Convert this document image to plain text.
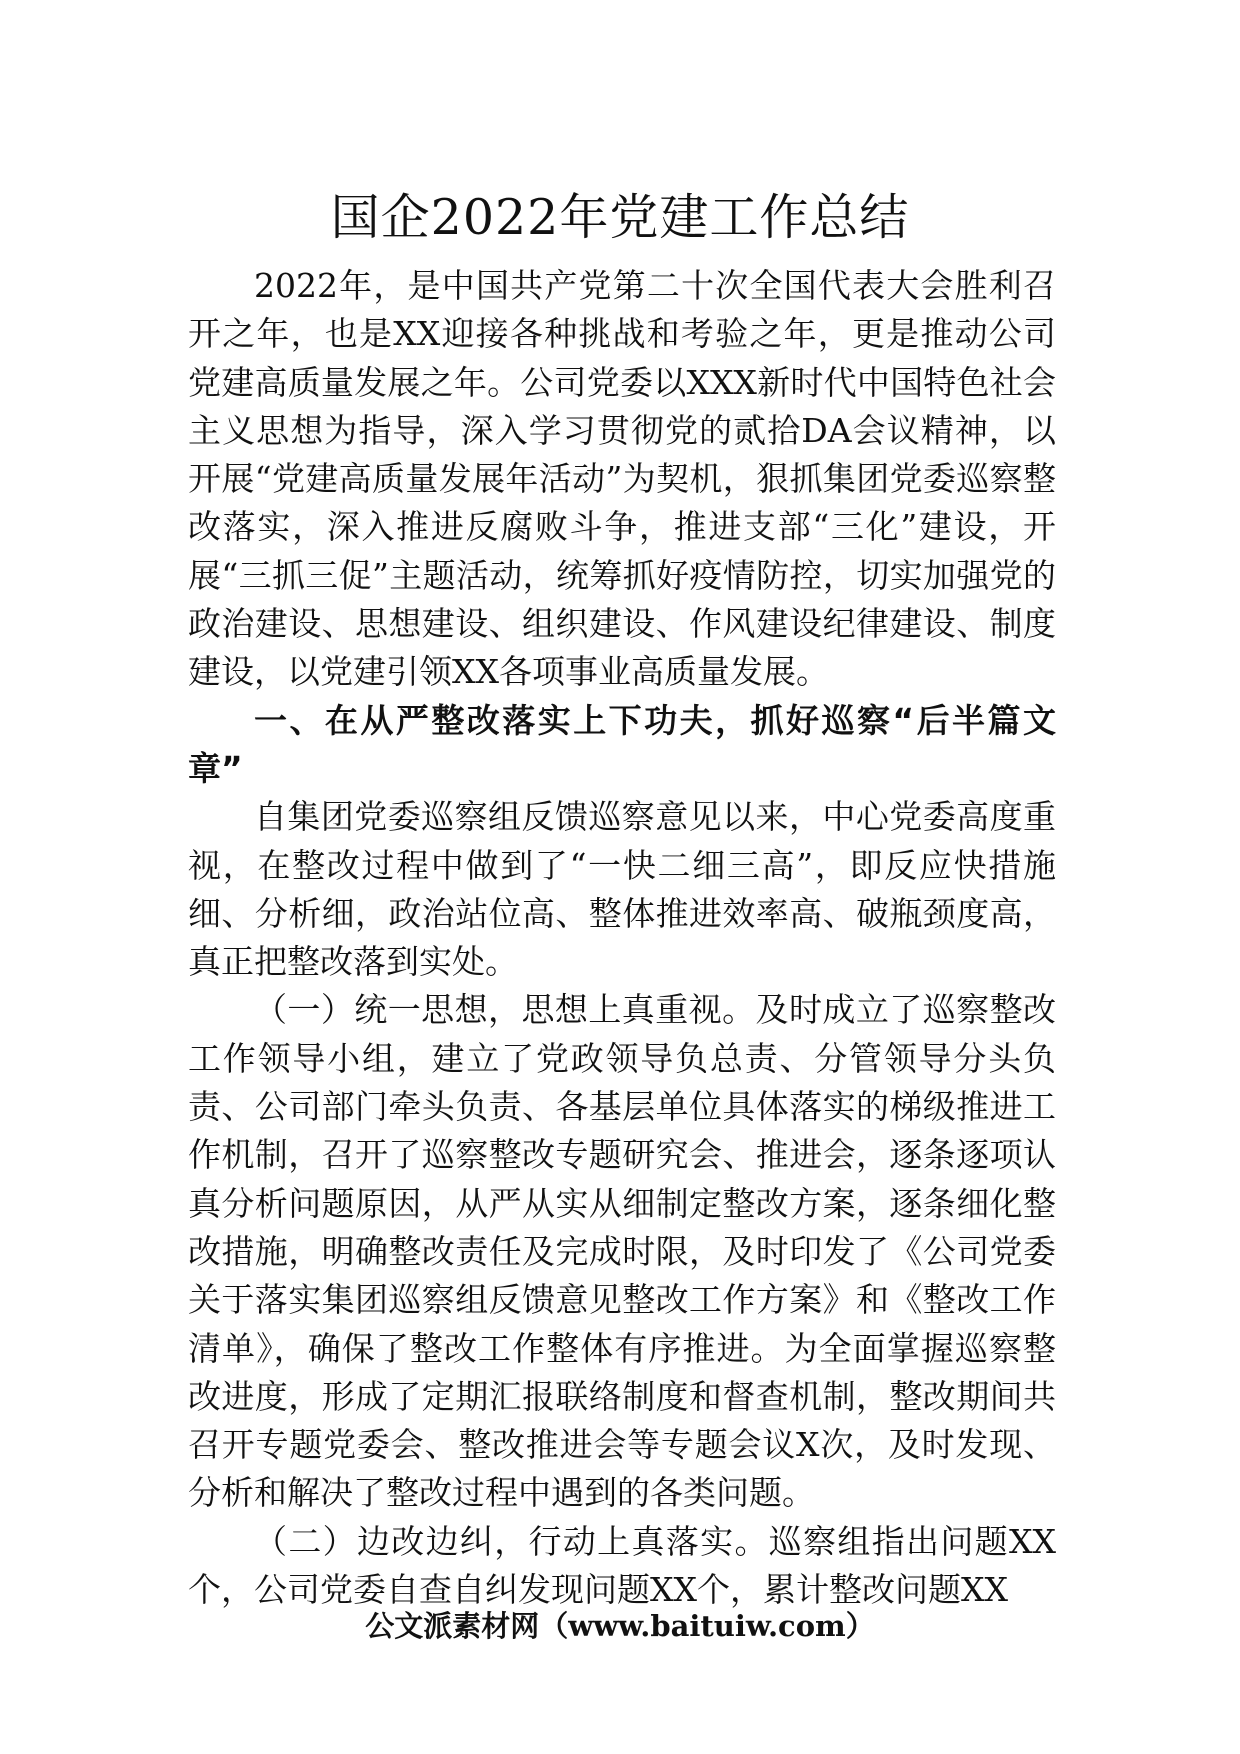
国企2022年党建工作总结

2022年，是中国共产党第二十次全国代表大会胜利召开之年，也是XX迎接各种挑战和考验之年，更是推动公司党建高质量发展之年。公司党委以XXX新时代中国特色社会主义思想为指导，深入学习贯彻党的贰拾DA会议精神，以开展“党建高质量发展年活动”为契机，狠抓集团党委巡察整改落实，深入推进反腐败斗争，推进支部“三化”建设，开展“三抓三促”主题活动，统筹抓好疫情防控，切实加强党的政治建设、思想建设、组织建设、作风建设纪律建设、制度建设，以党建引领XX各项事业高质量发展。

一、在从严整改落实上下功夫，抓好巡察“后半篇文章”

自集团党委巡察组反馈巡察意见以来，中心党委高度重视，在整改过程中做到了“一快二细三高”，即反应快措施细、分析细，政治站位高、整体推进效率高、破瓶颈度高，真正把整改落到实处。

（一）统一思想，思想上真重视。及时成立了巡察整改工作领导小组，建立了党政领导负总责、分管领导分头负责、公司部门牵头负责、各基层单位具体落实的梯级推进工作机制，召开了巡察整改专题研究会、推进会，逐条逐项认真分析问题原因，从严从实从细制定整改方案，逐条细化整改措施，明确整改责任及完成时限，及时印发了《公司党委关于落实集团巡察组反馈意见整改工作方案》和《整改工作清单》，确保了整改工作整体有序推进。为全面掌握巡察整改进度，形成了定期汇报联络制度和督查机制，整改期间共召开专题党委会、整改推进会等专题会议X次，及时发现、分析和解决了整改过程中遇到的各类问题。

（二）边改边纠，行动上真落实。巡察组指出问题XX个，公司党委自查自纠发现问题XX个，累计整改问题XX

公文派素材网（www.baituiw.com）
